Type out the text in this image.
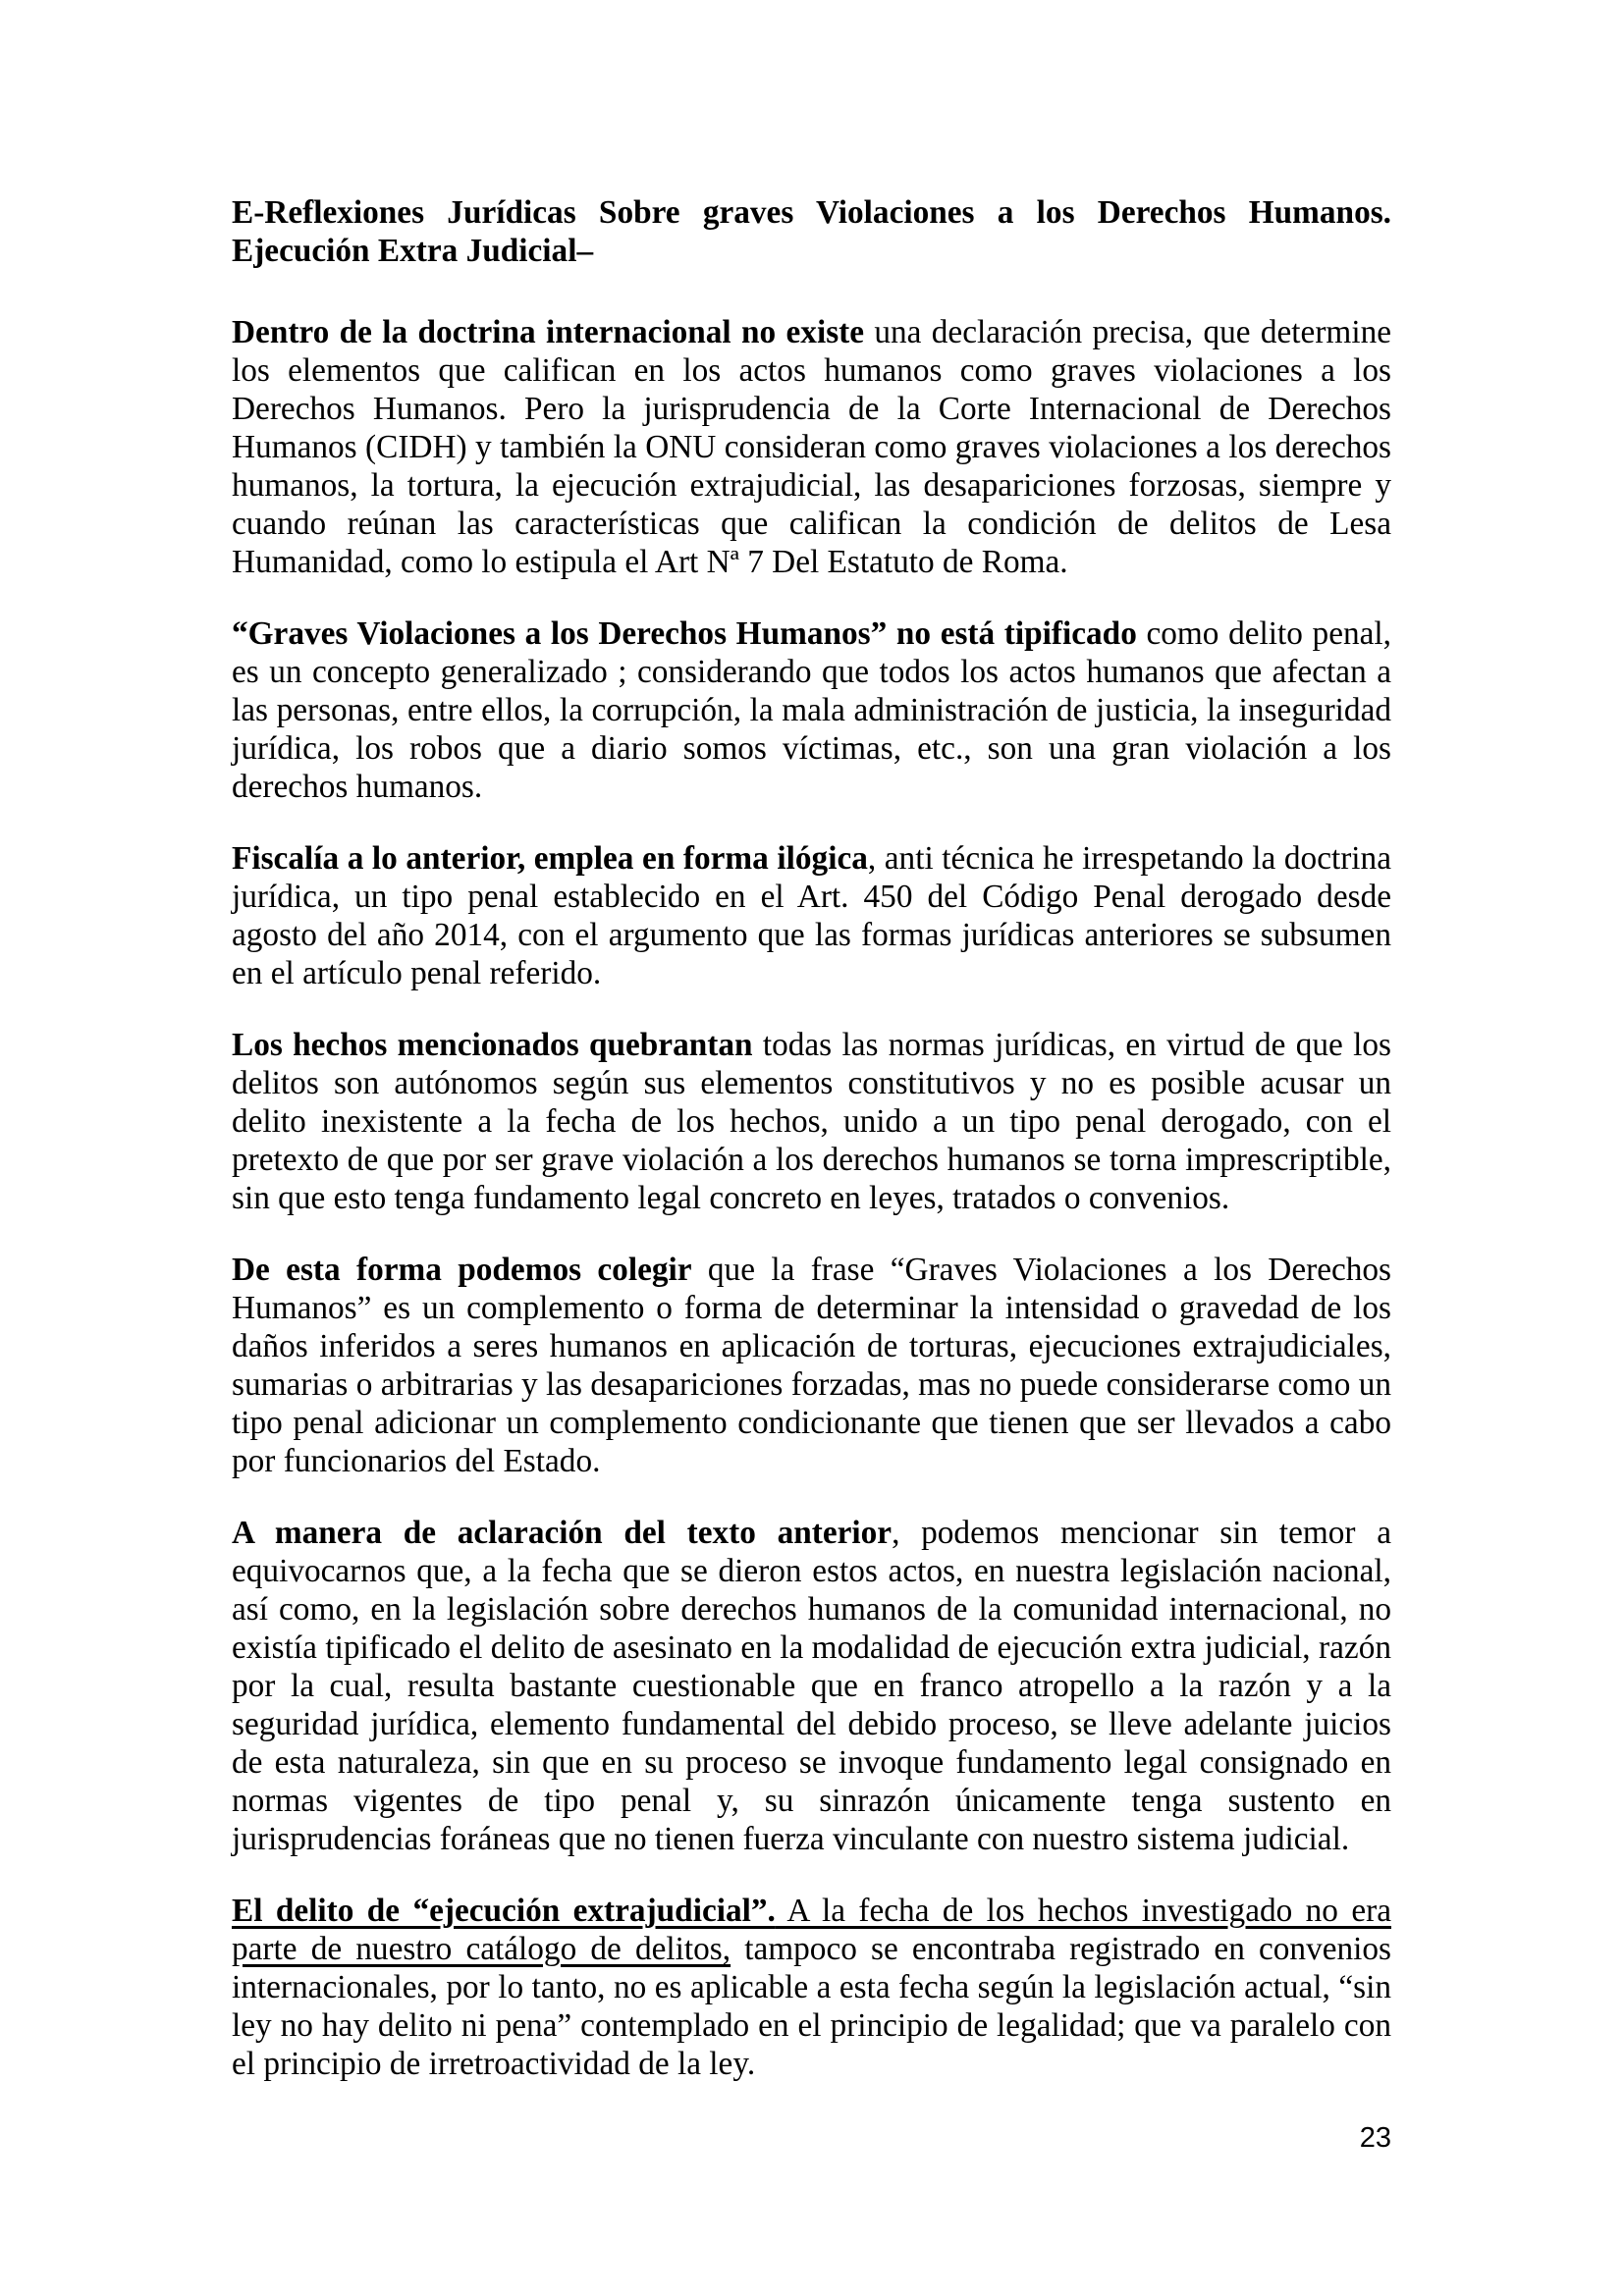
E-Reflexiones Jurídicas Sobre graves Violaciones a los Derechos Humanos. Ejecución Extra Judicial–

Dentro de la doctrina internacional no existe una declaración precisa, que determine los elementos que califican en los actos humanos como graves violaciones a los Derechos Humanos. Pero la jurisprudencia de la Corte Internacional de Derechos Humanos (CIDH) y también la ONU consideran como graves violaciones a los derechos humanos, la tortura, la ejecución extrajudicial, las desapariciones forzosas, siempre y cuando reúnan las características que califican la condición de delitos de Lesa Humanidad, como lo estipula el Art Nª 7 Del Estatuto de Roma.

“Graves Violaciones a los Derechos Humanos” no está tipificado como delito penal, es un concepto generalizado ; considerando que todos los actos humanos que afectan a las personas, entre ellos, la corrupción, la mala administración de justicia, la inseguridad jurídica, los robos que a diario somos víctimas, etc., son una gran violación a los derechos humanos.

Fiscalía a lo anterior, emplea en forma ilógica, anti técnica he irrespetando la doctrina jurídica, un tipo penal establecido en el Art. 450 del Código Penal derogado desde agosto del año 2014, con el argumento que las formas jurídicas anteriores se subsumen en el artículo penal referido.

Los hechos mencionados quebrantan todas las normas jurídicas, en virtud de que los delitos son autónomos según sus elementos constitutivos y no es posible acusar un delito inexistente a la fecha de los hechos, unido a un tipo penal derogado, con el pretexto de que por ser grave violación a los derechos humanos se torna imprescriptible, sin que esto tenga fundamento legal concreto en leyes, tratados o convenios.

De esta forma podemos colegir que la frase “Graves Violaciones a los Derechos Humanos” es un complemento o forma de determinar la intensidad o gravedad de los daños inferidos a seres humanos en aplicación de torturas, ejecuciones extrajudiciales, sumarias o arbitrarias y las desapariciones forzadas, mas no puede considerarse como un tipo penal adicionar un complemento condicionante que tienen que ser llevados a cabo por funcionarios del Estado.

A manera de aclaración del texto anterior, podemos mencionar sin temor a equivocarnos que, a la fecha que se dieron estos actos, en nuestra legislación nacional, así como, en la legislación sobre derechos humanos de la comunidad internacional, no existía tipificado el delito de asesinato en la modalidad de ejecución extra judicial, razón por la cual, resulta bastante cuestionable que en franco atropello a la razón y a la seguridad jurídica, elemento fundamental del debido proceso, se lleve adelante juicios de esta naturaleza, sin que en su proceso se invoque fundamento legal consignado en normas vigentes de tipo penal y, su sinrazón únicamente tenga sustento en jurisprudencias foráneas que no tienen fuerza vinculante con nuestro sistema judicial.

El delito de “ejecución extrajudicial”. A la fecha de los hechos investigado no era parte de nuestro catálogo de delitos, tampoco se encontraba registrado en convenios internacionales, por lo tanto, no es aplicable a esta fecha según la legislación actual, “sin ley no hay delito ni pena” contemplado en el principio de legalidad; que va paralelo con el principio de irretroactividad de la ley.

23
